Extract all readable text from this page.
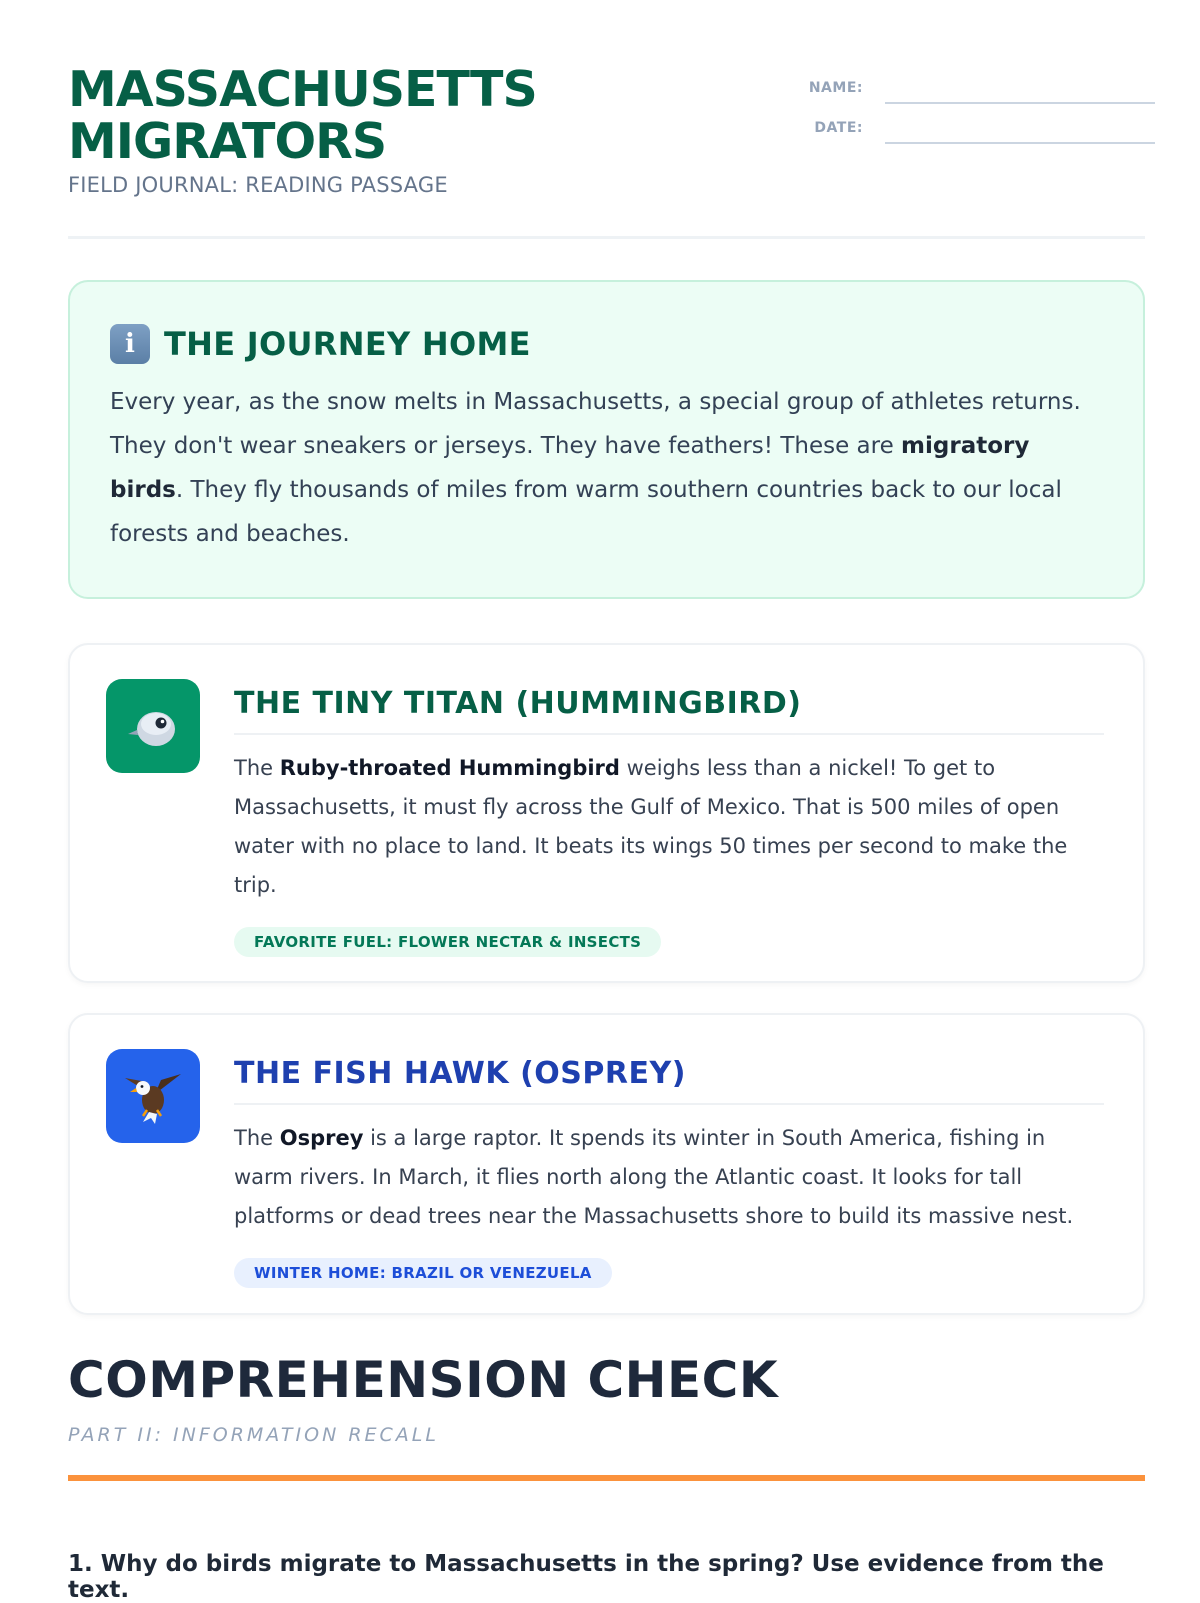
MASSACHUSETTS
MIGRATORS
FIELD JOURNAL: READING PASSAGE
NAME:
DATE:
i THE JOURNEY HOME
Every year, as the snow melts in Massachusetts, a special group of athletes returns. They don't wear sneakers or jerseys. They have feathers! These are migratory birds. They fly thousands of miles from warm southern countries back to our local forests and beaches.
THE TINY TITAN (HUMMINGBIRD)
The Ruby-throated Hummingbird weighs less than a nickel! To get to Massachusetts, it must fly across the Gulf of Mexico. That is 500 miles of open water with no place to land. It beats its wings 50 times per second to make the trip.
FAVORITE FUEL: FLOWER NECTAR & INSECTS
THE FISH HAWK (OSPREY)
The Osprey is a large raptor. It spends its winter in South America, fishing in warm rivers. In March, it flies north along the Atlantic coast. It looks for tall platforms or dead trees near the Massachusetts shore to build its massive nest.
WINTER HOME: BRAZIL OR VENEZUELA
COMPREHENSION CHECK
PART II: INFORMATION RECALL
1. Why do birds migrate to Massachusetts in the spring? Use evidence from the text.
